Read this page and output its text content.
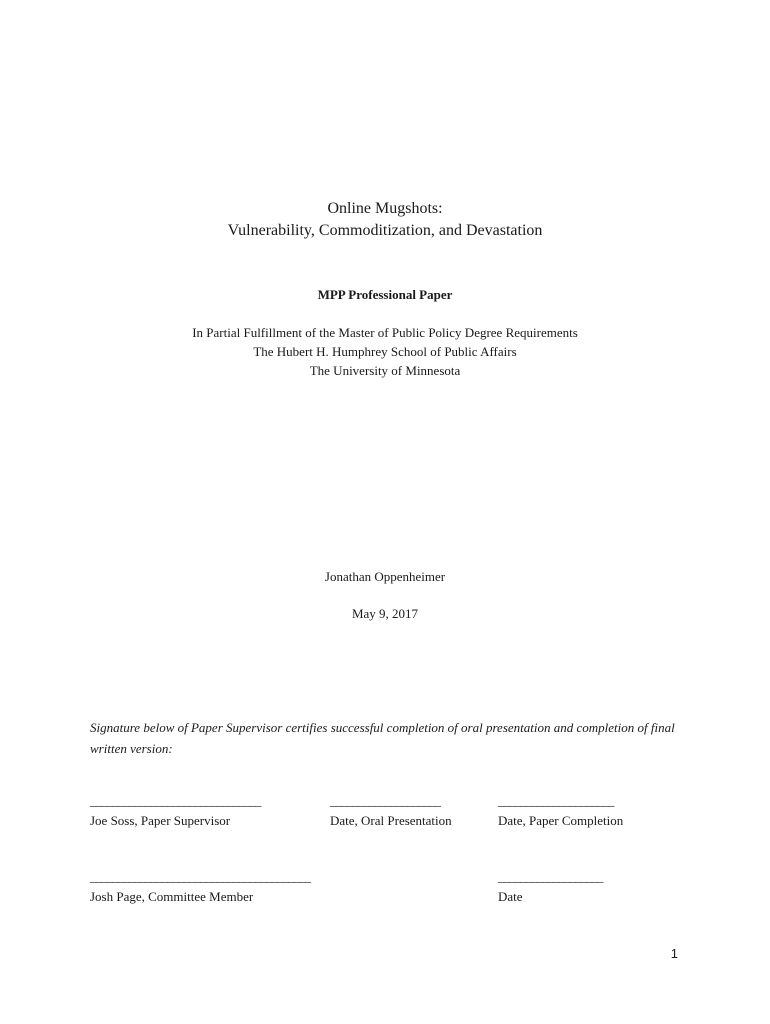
Online Mugshots:
Vulnerability, Commoditization, and Devastation
MPP Professional Paper
In Partial Fulfillment of the Master of Public Policy Degree Requirements
The Hubert H. Humphrey School of Public Affairs
The University of Minnesota
Jonathan Oppenheimer
May 9, 2017
Signature below of Paper Supervisor certifies successful completion of oral presentation and completion of final written version:
_______________________________
Joe Soss, Paper Supervisor
____________________
Date, Oral Presentation
_____________________
Date, Paper Completion
________________________________________
Josh Page, Committee Member
___________________
Date
1
